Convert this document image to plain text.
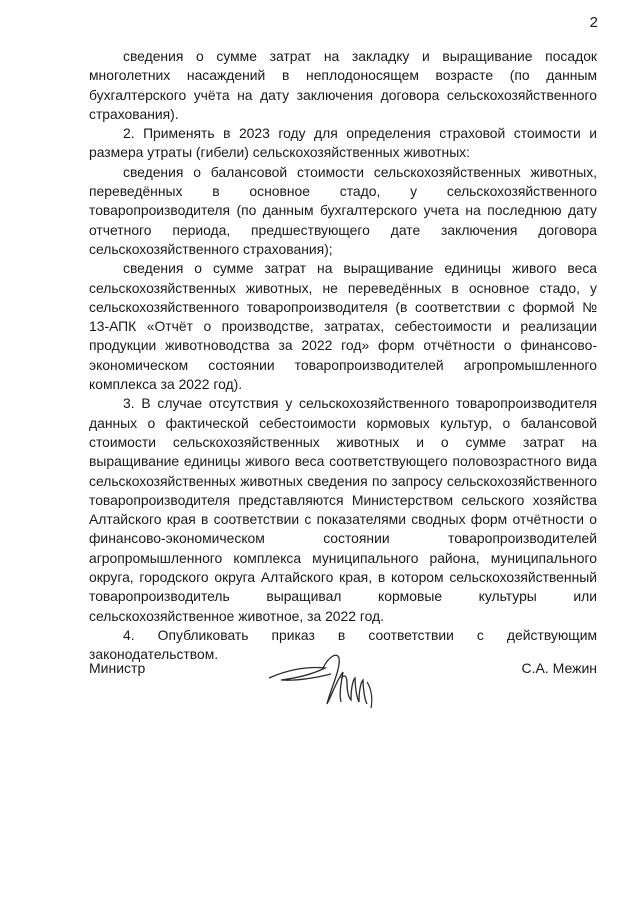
2

сведения о сумме затрат на закладку и выращивание посадок многолетних насаждений в неплодоносящем возрасте (по данным бухгалтерского учёта на дату заключения договора сельскохозяйственного страхования).

2. Применять в 2023 году для определения страховой стоимости и размера утраты (гибели) сельскохозяйственных животных:

сведения о балансовой стоимости сельскохозяйственных животных, переведённых в основное стадо, у сельскохозяйственного товаропроизводителя (по данным бухгалтерского учета на последнюю дату отчетного периода, предшествующего дате заключения договора сельскохозяйственного страхования);

сведения о сумме затрат на выращивание единицы живого веса сельскохозяйственных животных, не переведённых в основное стадо, у сельскохозяйственного товаропроизводителя (в соответствии с формой № 13-АПК «Отчёт о производстве, затратах, себестоимости и реализации продукции животноводства за 2022 год» форм отчётности о финансово-экономическом состоянии товаропроизводителей агропромышленного комплекса за 2022 год).

3. В случае отсутствия у сельскохозяйственного товаропроизводителя данных о фактической себестоимости кормовых культур, о балансовой стоимости сельскохозяйственных животных и о сумме затрат на выращивание единицы живого веса соответствующего половозрастного вида сельскохозяйственных животных сведения по запросу сельскохозяйственного товаропроизводителя представляются Министерством сельского хозяйства Алтайского края в соответствии с показателями сводных форм отчётности о финансово-экономическом состоянии товаропроизводителей агропромышленного комплекса муниципального района, муниципального округа, городского округа Алтайского края, в котором сельскохозяйственный товаропроизводитель выращивал кормовые культуры или сельскохозяйственное животное, за 2022 год.

4. Опубликовать приказ в соответствии с действующим законодательством.

Министр	С.А. Межин
